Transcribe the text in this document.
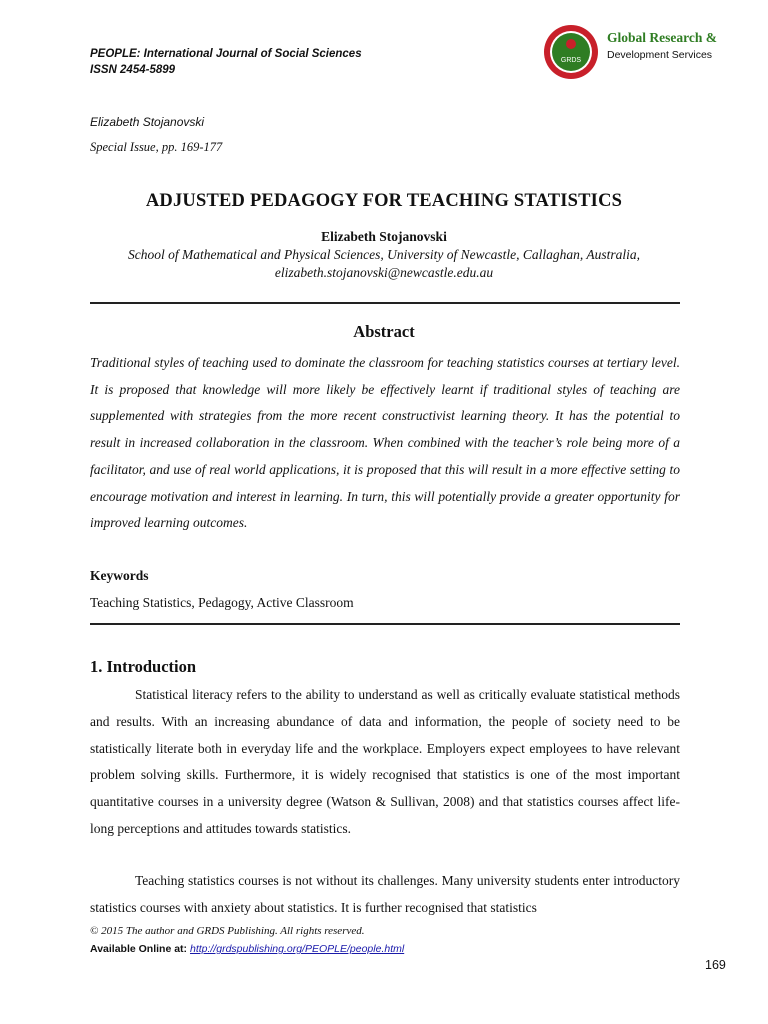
PEOPLE: International Journal of Social Sciences
ISSN 2454-5899
Elizabeth Stojanovski
Special Issue, pp. 169-177
GRDS
Global Research &
Development Services
ADJUSTED PEDAGOGY FOR TEACHING STATISTICS
Elizabeth Stojanovski
School of Mathematical and Physical Sciences, University of Newcastle, Callaghan, Australia,
elizabeth.stojanovski@newcastle.edu.au
Abstract

Traditional styles of teaching used to dominate the classroom for teaching statistics courses at tertiary level. It is proposed that knowledge will more likely be effectively learnt if traditional styles of teaching are supplemented with strategies from the more recent constructivist learning theory. It has the potential to result in increased collaboration in the classroom. When combined with the teacher’s role being more of a facilitator, and use of real world applications, it is proposed that this will result in a more effective setting to encourage motivation and interest in learning. In turn, this will potentially provide a greater opportunity for improved learning outcomes.

Keywords
Teaching Statistics, Pedagogy, Active Classroom
1. Introduction

Statistical literacy refers to the ability to understand as well as critically evaluate statistical methods and results. With an increasing abundance of data and information, the people of society need to be statistically literate both in everyday life and the workplace. Employers expect employees to have relevant problem solving skills. Furthermore, it is widely recognised that statistics is one of the most important quantitative courses in a university degree (Watson & Sullivan, 2008) and that statistics courses affect life-long perceptions and attitudes towards statistics.

Teaching statistics courses is not without its challenges. Many university students enter introductory statistics courses with anxiety about statistics. It is further recognised that statistics

© 2015 The author and GRDS Publishing. All rights reserved.
Available Online at: http://grdspublishing.org/PEOPLE/people.html
169
